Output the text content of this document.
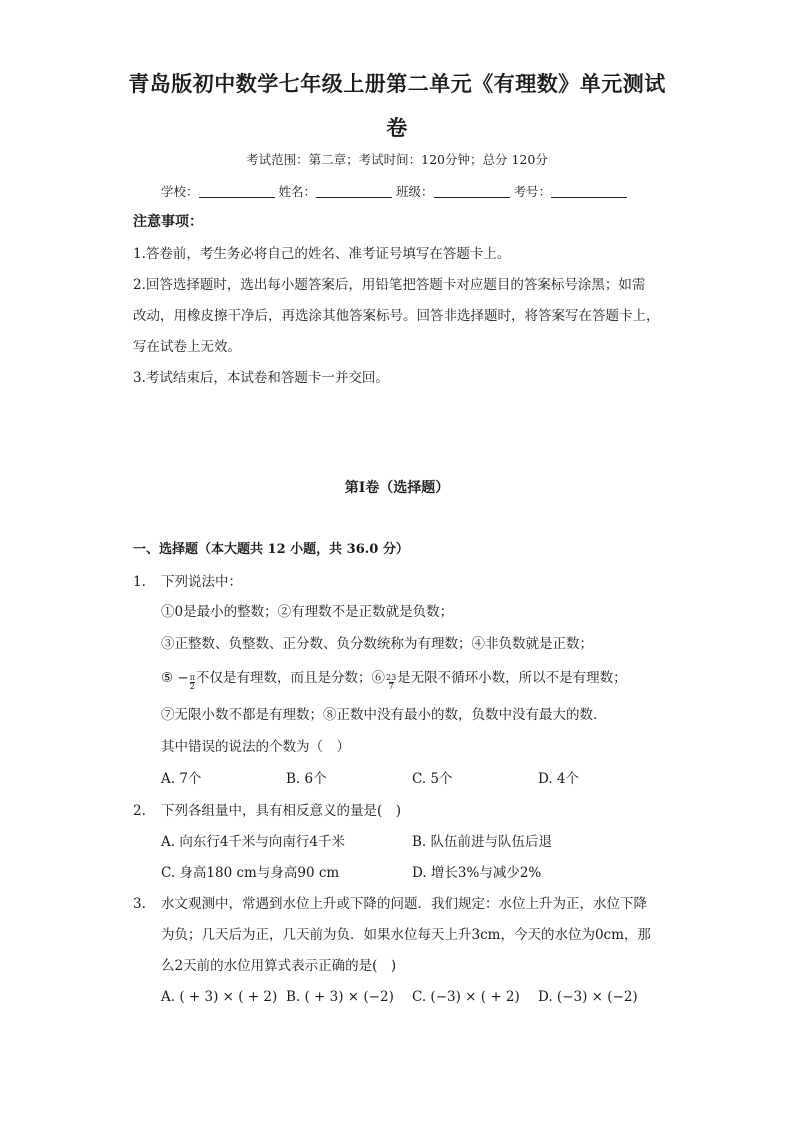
青岛版初中数学七年级上册第二单元《有理数》单元测试
卷
考试范围：第二章；考试时间：120分钟；总分 120分
学校：	姓名：	班级：	考号：
注意事项：
1.答卷前，考生务必将自己的姓名、准考证号填写在答题卡上。
2.回答选择题时，选出每小题答案后，用铅笔把答题卡对应题目的答案标号涂黑；如需
改动，用橡皮擦干净后，再选涂其他答案标号。回答非选择题时，将答案写在答题卡上，
写在试卷上无效。
3.考试结束后，本试卷和答题卡一并交回。
第Ⅰ卷（选择题）
一、选择题（本大题共 12 小题，共 36.0 分）
1. 下列说法中：
①0是最小的整数；②有理数不是正数就是负数；
③正整数、负整数、正分数、负分数统称为有理数；④非负数就是正数；
⑤ − $\frac{\pi}{2}$ 不仅是有理数，而且是分数；⑥ $\frac{23}{7}$ 是无限不循环小数，所以不是有理数；
⑦无限小数不都是有理数；⑧正数中没有最小的数，负数中没有最大的数．
其中错误的说法的个数为（　）
A. 7个	B. 6个	C. 5个	D. 4个
2. 下列各组量中，具有相反意义的量是(　)
A. 向东行4千米与向南行4千米	B. 队伍前进与队伍后退
C. 身高180 cm与身高90 cm	D. 增长3%与减少2%
3. 水文观测中，常遇到水位上升或下降的问题．我们规定：水位上升为正，水位下降
为负；几天后为正，几天前为负．如果水位每天上升3cm，今天的水位为0cm，那
么2天前的水位用算式表示正确的是(　)
A. ( + 3) × ( + 2) B. ( + 3) × (−2) C. (−3) × ( + 2) D. (−3) × (−2)
